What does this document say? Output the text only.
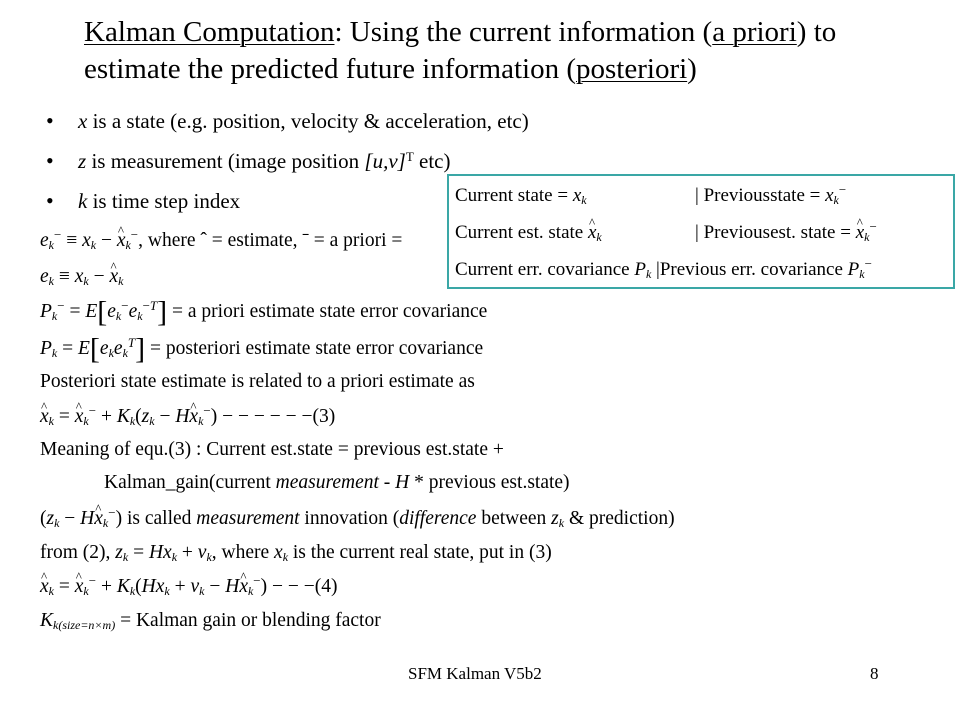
Kalman Computation: Using the current information (a priori) to estimate the predicted future information (posteriori)
• x is a state (e.g. position, velocity & acceleration, etc)
• z is measurement (image position $[u,v]^T$ etc)
• k is time step index	Current state = $x_k$	| Previousstate = $x_k^-$
Current est. state ^ $x_k$	| Previousest. state = ^ $x_k^-$
Current err. covariance $P_k$ |Previous err. covariance $P_k^-$
$e_k^- \equiv x_k$ − ^ $x_k^-$, where ˆ = estimate, ˉ = a priori =
$e_k \equiv x_k$ − ^ $x_k$
$P_k^- = E[e_k^-e_k^{-T}] = a$ priori estimate state error covariance
$P_k = E[e_ke_k^T]$ = posteriori estimate state error covariance
Posteriori state estimate is related to a priori estimate as
^ $x_k$ = ^ $x_k^- + K_k(z_k$ − H^ $x_k^-$) − − − − − −(3)
Meaning of equ.(3) : Current est.state = previous est.state +
Kalman_gain(current measurement - H * previous est.state)
($z_k$ − H^ $x_k^-$) is called measurement innovation (difference between $z_k$ & prediction)
from (2), $z_k = Hx_k + v_k$, where $x_k$ is the current real state, put in (3)
^ $x_k$ = ^ $x_k^- + K_k(Hx_k + v_k$ − H^ $x_k^-$) − − −(4)
$K_{k(size=n\times m)}$ = Kalman gain or blending factor
SFM Kalman V5b2	8
